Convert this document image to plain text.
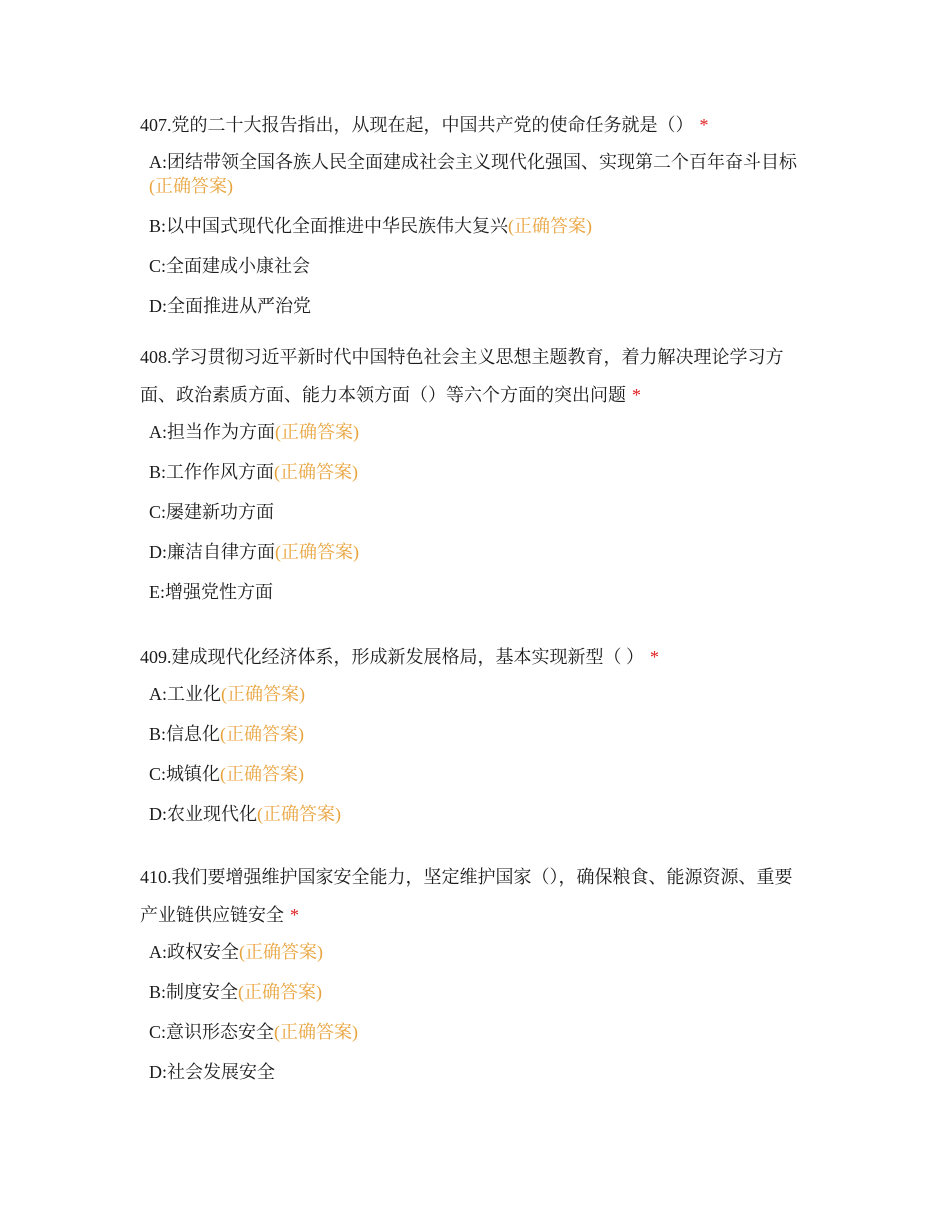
407.党的二十大报告指出，从现在起，中国共产党的使命任务就是（） *

A:团结带领全国各族人民全面建成社会主义现代化强国、实现第二个百年奋斗目标(正确答案)
B:以中国式现代化全面推进中华民族伟大复兴(正确答案)
C:全面建成小康社会
D:全面推进从严治党

408.学习贯彻习近平新时代中国特色社会主义思想主题教育，着力解决理论学习方面、政治素质方面、能力本领方面（）等六个方面的突出问题 *

A:担当作为方面(正确答案)
B:工作作风方面(正确答案)
C:屡建新功方面
D:廉洁自律方面(正确答案)
E:增强党性方面

409.建成现代化经济体系，形成新发展格局，基本实现新型（ ） *

A:工业化(正确答案)
B:信息化(正确答案)
C:城镇化(正确答案)
D:农业现代化(正确答案)

410.我们要增强维护国家安全能力，坚定维护国家（），确保粮食、能源资源、重要产业链供应链安全 *

A:政权安全(正确答案)
B:制度安全(正确答案)
C:意识形态安全(正确答案)
D:社会发展安全
